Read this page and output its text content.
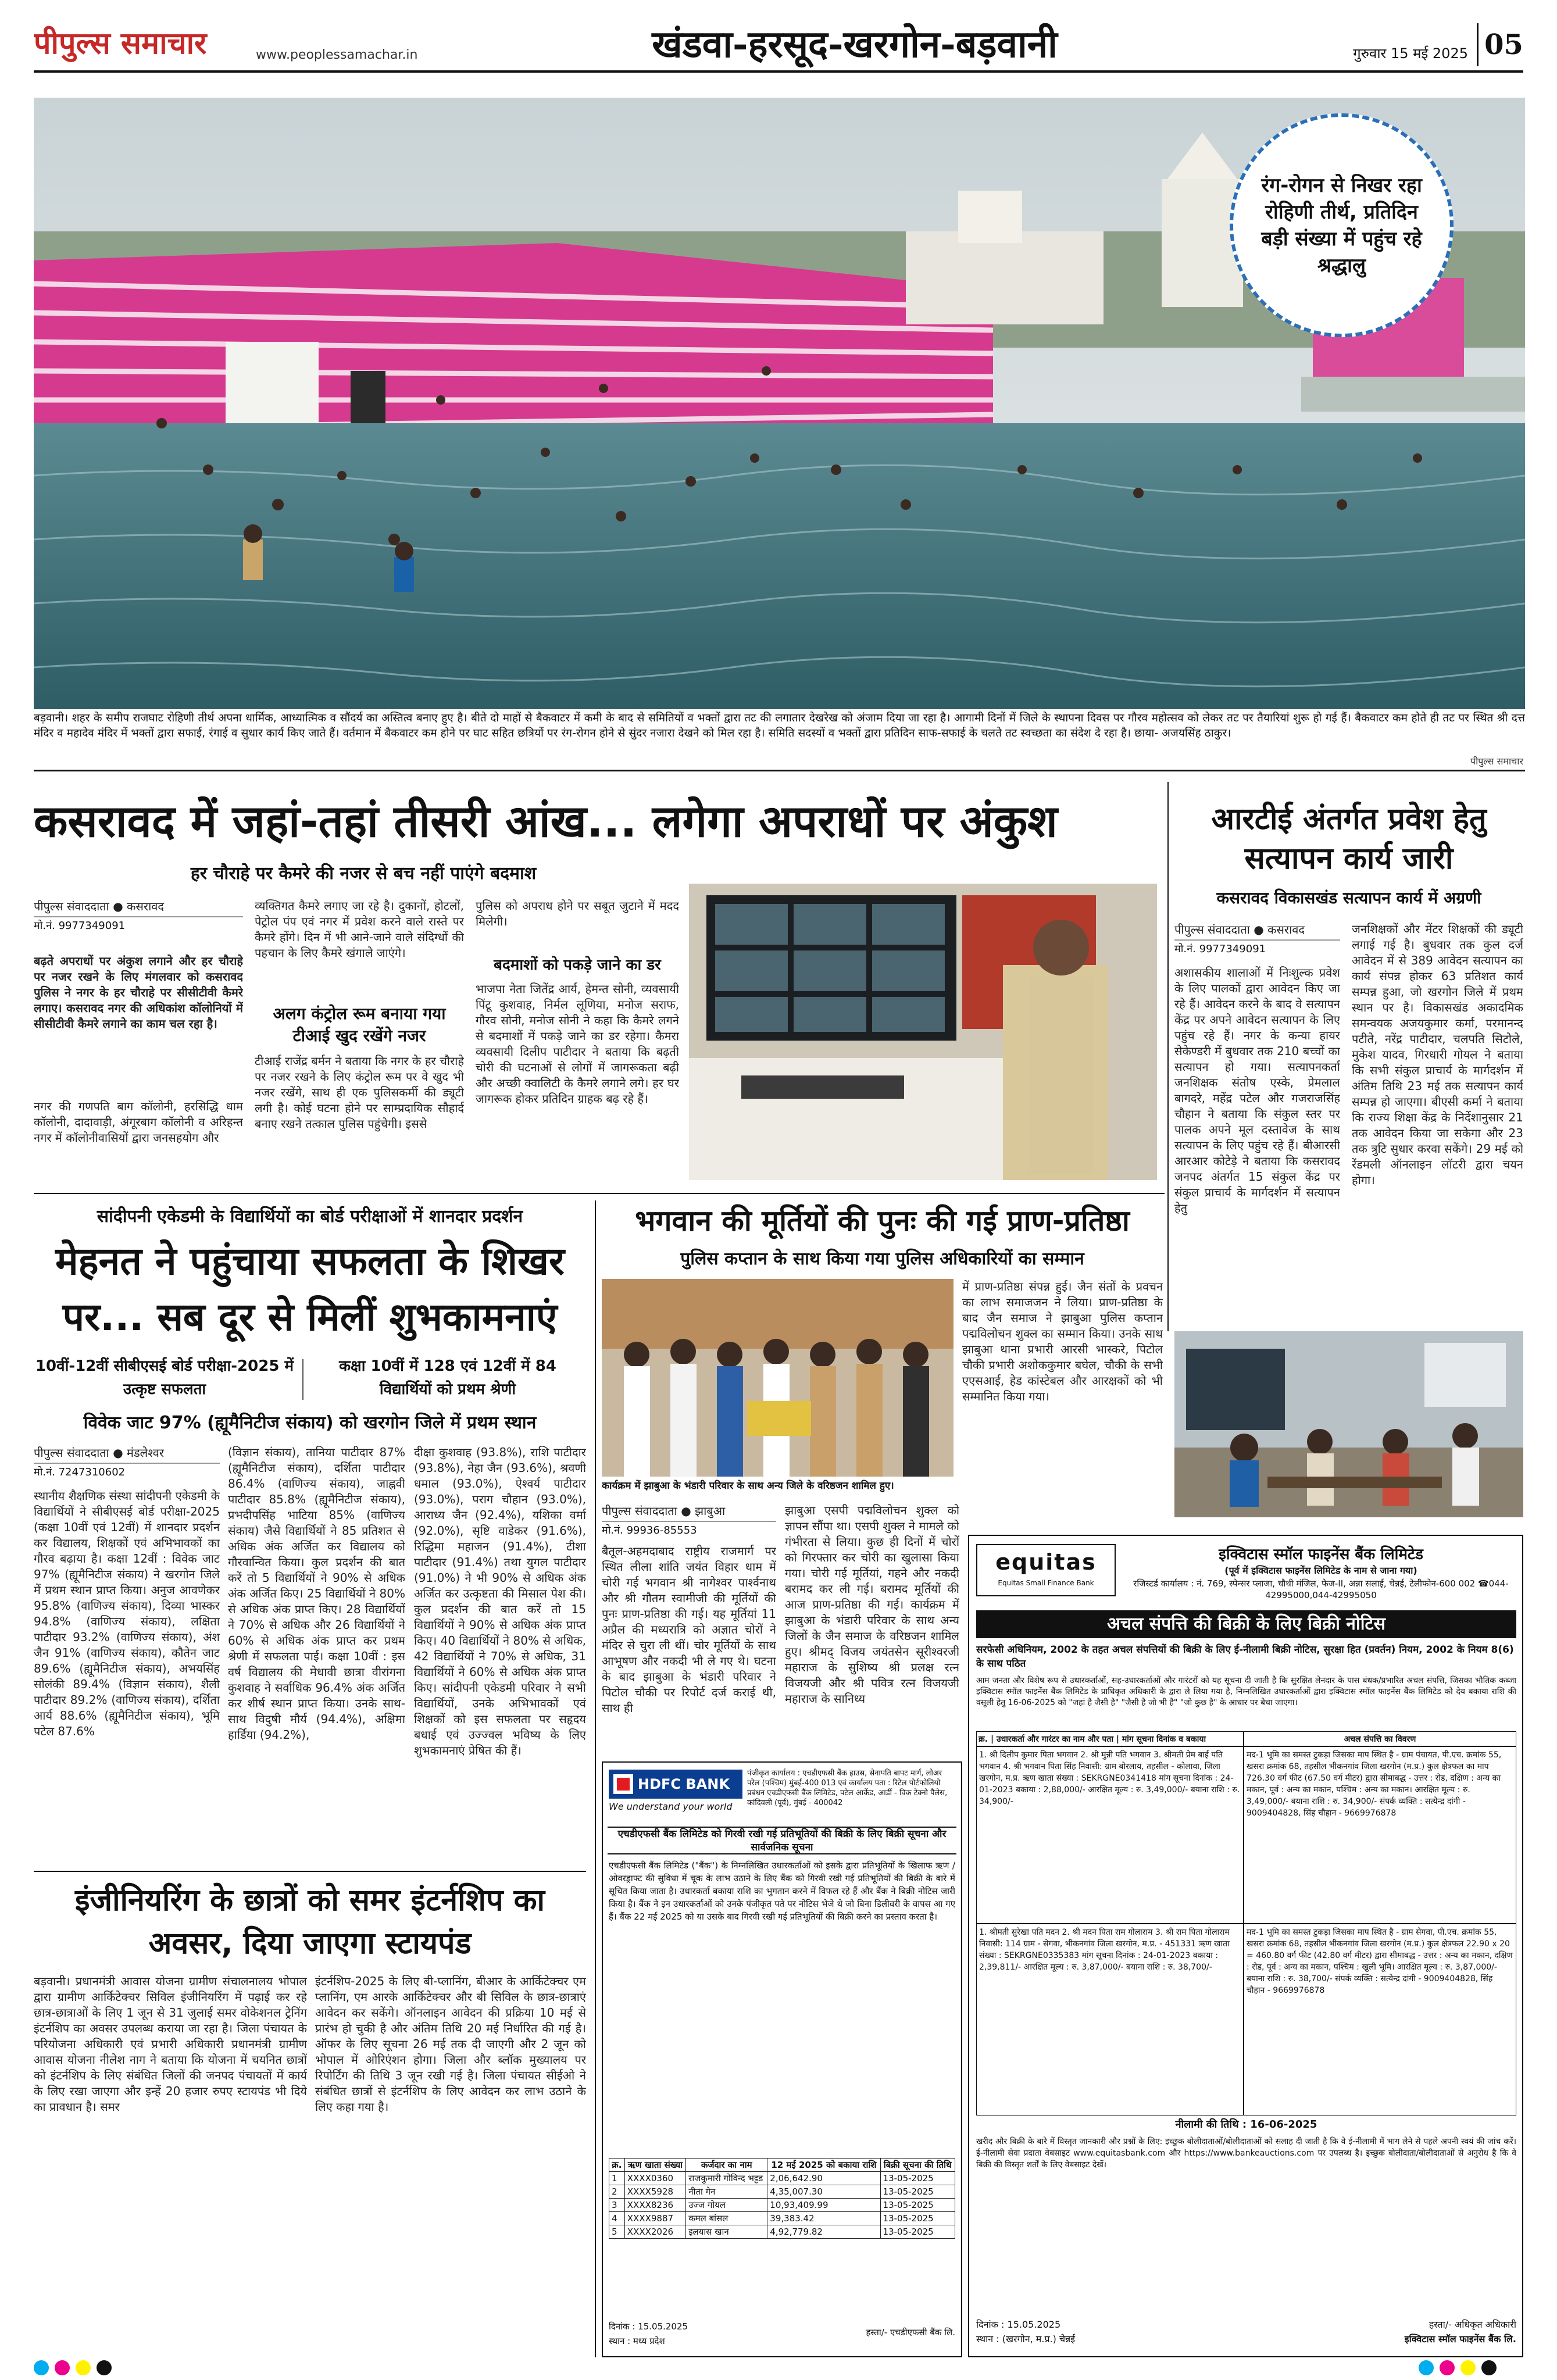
पीपुल्स समाचार	www.peoplessamachar.in	खंडवा-हरसूद-खरगोन-बड़वानी	गुरुवार 15 मई 2025 05
रंग-रोगन से निखर रहा रोहिणी तीर्थ, प्रतिदिन बड़ी संख्या में पहुंच रहे श्रद्धालु
बड़वानी। शहर के समीप राजघाट रोहिणी तीर्थ अपना धार्मिक, आध्यात्मिक व सौंदर्य का अस्तित्व बनाए हुए है। बीते दो माहों से बैकवाटर में कमी के बाद से समितियों व भक्तों द्वारा तट की लगातार देखरेख को अंजाम दिया जा रहा है। आगामी दिनों में जिले के स्थापना दिवस पर गौरव महोत्सव को लेकर तट पर तैयारियां शुरू हो गई हैं। बैकवाटर कम होते ही तट पर स्थित श्री दत्त मंदिर व महादेव मंदिर में भक्तों द्वारा सफाई, रंगाई व सुधार कार्य किए जाते हैं। वर्तमान में बैकवाटर कम होने पर घाट सहित छत्रियों पर रंग-रोगन होने से सुंदर नजारा देखने को मिल रहा है। समिति सदस्यों व भक्तों द्वारा प्रतिदिन साफ-सफाई के चलते तट स्वच्छता का संदेश दे रहा है। छाया- अजयसिंह ठाकुर।
पीपुल्स समाचार
कसरावद में जहां-तहां तीसरी आंख... लगेगा अपराधों पर अंकुश
हर चौराहे पर कैमरे की नजर से बच नहीं पाएंगे बदमाश
पीपुल्स संवाददाता ● कसरावद
मो.नं. 9977349091
बढ़ते अपराधों पर अंकुश लगाने और हर चौराहे पर नजर रखने के लिए मंगलवार को कसरावद पुलिस ने नगर के हर चौराहे पर सीसीटीवी कैमरे लगाए। कसरावद नगर की अधिकांश कॉलोनियों में सीसीटीवी कैमरे लगाने का काम चल रहा है।
नगर की गणपति बाग कॉलोनी, हरसिद्धि धाम कॉलोनी, दादावाड़ी, अंगूरबाग कॉलोनी व अरिहन्त नगर में कॉलोनीवासियों द्वारा जनसहयोग और
व्यक्तिगत कैमरे लगाए जा रहे है। दुकानों, होटलों, पेट्रोल पंप एवं नगर में प्रवेश करने वाले रास्ते पर कैमरे होंगे। दिन में भी आने-जाने वाले संदिग्धों की पहचान के लिए कैमरे खंगाले जाएंगे।
अलग कंट्रोल रूम बनाया गया टीआई खुद रखेंगे नजर
टीआई राजेंद्र बर्मन ने बताया कि नगर के हर चौराहे पर नजर रखने के लिए कंट्रोल रूम पर वे खुद भी नजर रखेंगे, साथ ही एक पुलिसकर्मी की ड्यूटी लगी है। कोई घटना होने पर साम्प्रदायिक सौहार्द बनाए रखने तत्काल पुलिस पहुंचेगी। इससे
पुलिस को अपराध होने पर सबूत जुटाने में मदद मिलेगी।
बदमाशों को पकड़े जाने का डर
भाजपा नेता जितेंद्र आर्य, हेमन्त सोनी, व्यवसायी पिंटू कुशवाह, निर्मल लूणिया, मनोज सराफ, गौरव सोनी, मनोज सोनी ने कहा कि कैमरे लगने से बदमाशों में पकड़े जाने का डर रहेगा। कैमरा व्यवसायी दिलीप पाटीदार ने बताया कि बढ़ती चोरी की घटनाओं से लोगों में जागरूकता बढ़ी और अच्छी क्वालिटी के कैमरे लगाने लगे। हर घर जागरूक होकर प्रतिदिन ग्राहक बढ़ रहे हैं।
आरटीई अंतर्गत प्रवेश हेतु सत्यापन कार्य जारी
कसरावद विकासखंड सत्यापन कार्य में अग्रणी
पीपुल्स संवाददाता ● कसरावद
मो.नं. 9977349091
अशासकीय शालाओं में निःशुल्क प्रवेश के लिए पालकों द्वारा आवेदन किए जा रहे हैं। आवेदन करने के बाद वे सत्यापन केंद्र पर अपने आवेदन सत्यापन के लिए पहुंच रहे हैं। नगर के कन्या हायर सेकेण्डरी में बुधवार तक 210 बच्चों का सत्यापन हो गया। सत्यापनकर्ता जनशिक्षक संतोष एस्के, प्रेमलाल बागदरे, महेंद्र पटेल और गजराजसिंह चौहान ने बताया कि संकुल स्तर पर पालक अपने मूल दस्तावेज के साथ सत्यापन के लिए पहुंच रहे हैं। बीआरसी आरआर कोटेड़े ने बताया कि कसरावद जनपद अंतर्गत 15 संकुल केंद्र पर संकुल प्राचार्य के मार्गदर्शन में सत्यापन हेतु
जनशिक्षकों और मेंटर शिक्षकों की ड्यूटी लगाई गई है। बुधवार तक कुल दर्ज आवेदन में से 389 आवेदन सत्यापन का कार्य संपन्न होकर 63 प्रतिशत कार्य सम्पन्न हुआ, जो खरगोन जिले में प्रथम स्थान पर है। विकासखंड अकादमिक समन्वयक अजयकुमार कर्मा, परमानन्द पटीते, नरेंद्र पाटीदार, चलपति सिटोले, मुकेश यादव, गिरधारी गोयल ने बताया कि सभी संकुल प्राचार्य के मार्गदर्शन में अंतिम तिथि 23 मई तक सत्यापन कार्य सम्पन्न हो जाएगा। बीएसी कर्मा ने बताया कि राज्य शिक्षा केंद्र के निर्देशानुसार 21 तक आवेदन किया जा सकेगा और 23 तक त्रुटि सुधार करवा सकेंगे। 29 मई को रेंडमली ऑनलाइन लॉटरी द्वारा चयन होगा।
सांदीपनी एकेडमी के विद्यार्थियों का बोर्ड परीक्षाओं में शानदार प्रदर्शन
मेहनत ने पहुंचाया सफलता के शिखर पर... सब दूर से मिलीं शुभकामनाएं
10वीं-12वीं सीबीएसई बोर्ड परीक्षा-2025 में उत्कृष्ट सफलता
कक्षा 10वीं में 128 एवं 12वीं में 84 विद्यार्थियों को प्रथम श्रेणी
विवेक जाट 97% (ह्यूमैनिटीज संकाय) को खरगोन जिले में प्रथम स्थान
पीपुल्स संवाददाता ● मंडलेश्वर
मो.नं. 7247310602
स्थानीय शैक्षणिक संस्था सांदीपनी एकेडमी के विद्यार्थियों ने सीबीएसई बोर्ड परीक्षा-2025 (कक्षा 10वीं एवं 12वीं) में शानदार प्रदर्शन कर विद्यालय, शिक्षकों एवं अभिभावकों का गौरव बढ़ाया है। कक्षा 12वीं : विवेक जाट 97% (ह्यूमैनिटीज संकाय) ने खरगोन जिले में प्रथम स्थान प्राप्त किया। अनुज आवणेकर 95.8% (वाणिज्य संकाय), दिव्या भास्कर 94.8% (वाणिज्य संकाय), लक्षिता पाटीदार 93.2% (वाणिज्य संकाय), अंश जैन 91% (वाणिज्य संकाय), कौतेन जाट 89.6% (ह्यूमैनिटीज संकाय), अभयसिंह सोलंकी 89.4% (विज्ञान संकाय), शैली पाटीदार 89.2% (वाणिज्य संकाय), दर्शिता आर्य 88.6% (ह्यूमैनिटीज संकाय), भूमि पटेल 87.6%
(विज्ञान संकाय), तानिया पाटीदार 87% (ह्यूमैनिटीज संकाय), दर्शिता पाटीदार 86.4% (वाणिज्य संकाय), जाह्नवी पाटीदार 85.8% (ह्यूमैनिटीज संकाय), प्रभदीपसिंह भाटिया 85% (वाणिज्य संकाय) जैसे विद्यार्थियों ने 85 प्रतिशत से अधिक अंक अर्जित कर विद्यालय को गौरवान्वित किया। कुल प्रदर्शन की बात करें तो 5 विद्यार्थियों ने 90% से अधिक अंक अर्जित किए। 25 विद्यार्थियों ने 80% से अधिक अंक प्राप्त किए। 28 विद्यार्थियों ने 70% से अधिक और 26 विद्यार्थियों ने 60% से अधिक अंक प्राप्त कर प्रथम श्रेणी में सफलता पाई। कक्षा 10वीं : इस वर्ष विद्यालय की मेधावी छात्रा वीरांगना कुशवाह ने सर्वाधिक 96.4% अंक अर्जित कर शीर्ष स्थान प्राप्त किया। उनके साथ-साथ विदुषी मौर्य (94.4%), अक्षिमा हार्डिया (94.2%),
दीक्षा कुशवाह (93.8%), राशि पाटीदार (93.8%), नेहा जैन (93.6%), श्रवणी धमाल (93.0%), ऐश्वर्य पाटीदार (93.0%), पराग चौहान (93.0%), आराध्य जैन (92.4%), यशिका वर्मा (92.0%), सृष्टि वाडेकर (91.6%), रिद्धिमा महाजन (91.4%), टीशा पाटीदार (91.4%) तथा युगल पाटीदार (91.0%) ने भी 90% से अधिक अंक अर्जित कर उत्कृष्टता की मिसाल पेश की। कुल प्रदर्शन की बात करें तो 15 विद्यार्थियों ने 90% से अधिक अंक प्राप्त किए। 40 विद्यार्थियों ने 80% से अधिक, 42 विद्यार्थियों ने 70% से अधिक, 31 विद्यार्थियों ने 60% से अधिक अंक प्राप्त किए। सांदीपनी एकेडमी परिवार ने सभी विद्यार्थियों, उनके अभिभावकों एवं शिक्षकों को इस सफलता पर सहृदय बधाई एवं उज्ज्वल भविष्य के लिए शुभकामनाएं प्रेषित की हैं।
इंजीनियरिंग के छात्रों को समर इंटर्नशिप का अवसर, दिया जाएगा स्टायपंड
बड़वानी। प्रधानमंत्री आवास योजना ग्रामीण संचालनालय भोपाल द्वारा ग्रामीण आर्किटेक्चर सिविल इंजीनियरिंग में पढ़ाई कर रहे छात्र-छात्राओं के लिए 1 जून से 31 जुलाई समर वोकेशनल ट्रेनिंग इंटर्नशिप का अवसर उपलब्ध कराया जा रहा है। जिला पंचायत के परियोजना अधिकारी एवं प्रभारी अधिकारी प्रधानमंत्री ग्रामीण आवास योजना नीलेश नाग ने बताया कि योजना में चयनित छात्रों को इंटर्नशिप के लिए संबंधित जिलों की जनपद पंचायतों में कार्य के लिए रखा जाएगा और इन्हें 20 हजार रुपए स्टायपंड भी दिये का प्रावधान है। समर
इंटर्नशिप-2025 के लिए बी-प्लानिंग, बीआर के आर्किटेक्चर एम प्लानिंग, एम आरके आर्किटेक्चर और बी सिविल के छात्र-छात्राएं आवेदन कर सकेंगे। ऑनलाइन आवेदन की प्रक्रिया 10 मई से प्रारंभ हो चुकी है और अंतिम तिथि 20 मई निर्धारित की गई है। ऑफर के लिए सूचना 26 मई तक दी जाएगी और 2 जून को भोपाल में ओरिएंशन होगा। जिला और ब्लॉक मुख्यालय पर रिपोर्टिंग की तिथि 3 जून रखी गई है। जिला पंचायत सीईओ ने संबंधित छात्रों से इंटर्नशिप के लिए आवेदन कर लाभ उठाने के लिए कहा गया है।
भगवान की मूर्तियों की पुनः की गई प्राण-प्रतिष्ठा
पुलिस कप्तान के साथ किया गया पुलिस अधिकारियों का सम्मान
कार्यक्रम में झाबुआ के भंडारी परिवार के साथ अन्य जिले के वरिष्ठजन शामिल हुए।
में प्राण-प्रतिष्ठा संपन्न हुई। जैन संतों के प्रवचन का लाभ समाजजन ने लिया। प्राण-प्रतिष्ठा के बाद जैन समाज ने झाबुआ पुलिस कप्तान पद्मविलोचन शुक्ल का सम्मान किया। उनके साथ झाबुआ थाना प्रभारी आरसी भास्करे, पिटोल चौकी प्रभारी अशोककुमार बघेल, चौकी के सभी एएसआई, हेड कांस्टेबल और आरक्षकों को भी सम्मानित किया गया।
पीपुल्स संवाददाता ● झाबुआ
मो.नं. 99936-85553
बैतूल-अहमदाबाद राष्ट्रीय राजमार्ग पर स्थित लीला शांति जयंत विहार धाम में चोरी गई भगवान श्री नागेश्वर पार्श्वनाथ और श्री गौतम स्वामीजी की मूर्तियों की पुनः प्राण-प्रतिष्ठा की गई। यह मूर्तियां 11 अप्रैल की मध्यरात्रि को अज्ञात चोरों ने मंदिर से चुरा ली थीं। चोर मूर्तियों के साथ आभूषण और नकदी भी ले गए थे। घटना के बाद झाबुआ के भंडारी परिवार ने पिटोल चौकी पर रिपोर्ट दर्ज कराई थी, साथ ही
झाबुआ एसपी पद्मविलोचन शुक्ल को ज्ञापन सौंपा था। एसपी शुक्ल ने मामले को गंभीरता से लिया। कुछ ही दिनों में चोरों को गिरफ्तार कर चोरी का खुलासा किया गया। चोरी गई मूर्तियां, गहने और नकदी बरामद कर ली गई। बरामद मूर्तियों की आज प्राण-प्रतिष्ठा की गई। कार्यक्रम में झाबुआ के भंडारी परिवार के साथ अन्य जिलों के जैन समाज के वरिष्ठजन शामिल हुए। श्रीमद् विजय जयंतसेन सूरीश्वरजी महाराज के सुशिष्य श्री प्रलक्ष रत्न विजयजी और श्री पवित्र रत्न विजयजी महाराज के सानिध्य
HDFC BANK
We understand your world
पंजीकृत कार्यालय : एचडीएफसी बैंक हाउस, सेनापति बापट मार्ग, लोअर परेल (पश्चिम) मुंबई-400 013 एवं कार्यालय पता : रिटेल पोर्टफोलियो प्रबंधन एचडीएफसी बैंक लिमिटेड, पटेल आर्केड, आर्डी - विक टेक्नो पैलेस, कांदिवली (पूर्व), मुंबई - 400042
एचडीएफसी बैंक लिमिटेड को गिरवी रखी गई प्रतिभूतियों की बिक्री के लिए बिक्री सूचना और सार्वजनिक सूचना
एचडीएफसी बैंक लिमिटेड ("बैंक") के निम्नलिखित उधारकर्ताओं को इसके द्वारा प्रतिभूतियों के खिलाफ ऋण / ओवरड्राफ्ट की सुविधा में चूक के लाभ उठाने के लिए बैंक को गिरवी रखी गई प्रतिभूतियों की बिक्री के बारे में सूचित किया जाता है। उधारकर्ता बकाया राशि का भुगतान करने में विफल रहे हैं और बैंक ने बिक्री नोटिस जारी किया है। बैंक ने इन उधारकर्ताओं को उनके पंजीकृत पते पर नोटिस भेजे थे जो बिना डिलीवरी के वापस आ गए हैं। बैंक 22 मई 2025 को या उसके बाद गिरवी रखी गई प्रतिभूतियों की बिक्री करने का प्रस्ताव करता है।
क्र.	ऋण खाता संख्या	कर्जदार का नाम	12 मई 2025 को बकाया राशि	बिक्री सूचना की तिथि
1	XXXX0360	राजकुमारी गोविन्द भट्टड	2,06,642.90	13-05-2025
2	XXXX5928	नीता गेन	4,35,007.30	13-05-2025
3	XXXX8236	उज्ज गोयल	10,93,409.99	13-05-2025
4	XXXX9887	कमल बांसल	39,383.42	13-05-2025
5	XXXX2026	इलयास खान	4,92,779.82	13-05-2025
दिनांक : 15.05.2025
स्थान : मध्य प्रदेश
हस्ता/- एचडीएफसी बैंक लि.
equitas
Equitas Small Finance Bank
इक्विटास स्मॉल फाइनेंस बैंक लिमिटेड
(पूर्व में इक्विटास फाइनेंस लिमिटेड के नाम से जाना गया)
रजिस्टर्ड कार्यालय : नं. 769, स्पेन्सर प्लाजा, चौथी मंजिल, फेज-II, अन्ना सलाई, चेन्नई, टेलीफोन-600 002 ☎044-42995000,044-42995050
अचल संपत्ति की बिक्री के लिए बिक्री नोटिस
सरफेसी अधिनियम, 2002 के तहत अचल संपत्तियों की बिक्री के लिए ई-नीलामी बिक्री नोटिस, सुरक्षा हित (प्रवर्तन) नियम, 2002 के नियम 8(6) के साथ पठित
आम जनता और विशेष रूप से उधारकर्ताओं, सह-उधारकर्ताओं और गारंटरों को यह सूचना दी जाती है कि सुरक्षित लेनदार के पास बंधक/प्रभारित अचल संपत्ति, जिसका भौतिक कब्जा इक्विटास स्मॉल फाइनेंस बैंक लिमिटेड के प्राधिकृत अधिकारी के द्वारा ले लिया गया है, निम्नलिखित उधारकर्ताओं द्वारा इक्विटास स्मॉल फाइनेंस बैंक लिमिटेड को देय बकाया राशि की वसूली हेतु 16-06-2025 को "जहां है जैसी है" "जैसी है जो भी है" "जो कुछ है" के आधार पर बेचा जाएगा।
क्र. | उधारकर्ता और गारंटर का नाम और पता | मांग सूचना दिनांक व बकाया	अचल संपत्ति का विवरण
1. श्री दिलीप कुमार पिता भगवान 2. श्री मुन्नी पति भगवान 3. श्रीमती प्रेम बाई पति भगवान 4. श्री भगवान पिता सिंह निवासी: ग्राम बोरलाय, तहसील - कोलावा, जिला खरगोन, म.प्र. ऋण खाता संख्या : SEKRGNE0341418 मांग सूचना दिनांक : 24-01-2023 बकाया : 2,88,000/- आरक्षित मूल्य : रु. 3,49,000/- बयाना राशि : रु. 34,900/-
मद-1 भूमि का समस्त टुकड़ा जिसका माप स्थित है - ग्राम पंचायत, पी.एच. क्रमांक 55, खसरा क्रमांक 68, तहसील भीकनगांव जिला खरगोन (म.प्र.) कुल क्षेत्रफल का माप 726.30 वर्ग फीट (67.50 वर्ग मीटर) द्वारा सीमाबद्ध - उत्तर : रोड, दक्षिण : अन्य का मकान, पूर्व : अन्य का मकान, पश्चिम : अन्य का मकान। आरक्षित मूल्य : रु. 3,49,000/- बयाना राशि : रु. 34,900/- संपर्क व्यक्ति : सत्येन्द्र दांगी - 9009404828, सिंह चौहान - 9669976878
1. श्रीमती सुरेखा पति मदन 2. श्री मदन पिता राम गोलाराम 3. श्री राम पिता गोलाराम निवासी: 114 ग्राम - सेगवा, भीकनगांव जिला खरगोन, म.प्र. - 451331 ऋण खाता संख्या : SEKRGNE0335383 मांग सूचना दिनांक : 24-01-2023 बकाया : 2,39,811/- आरक्षित मूल्य : रु. 3,87,000/- बयाना राशि : रु. 38,700/-
मद-1 भूमि का समस्त टुकड़ा जिसका माप स्थित है - ग्राम सेगवा, पी.एच. क्रमांक 55, खसरा क्रमांक 68, तहसील भीकनगांव जिला खरगोन (म.प्र.) कुल क्षेत्रफल 22.90 x 20 = 460.80 वर्ग फीट (42.80 वर्ग मीटर) द्वारा सीमाबद्ध - उत्तर : अन्य का मकान, दक्षिण : रोड, पूर्व : अन्य का मकान, पश्चिम : खुली भूमि। आरक्षित मूल्य : रु. 3,87,000/- बयाना राशि : रु. 38,700/- संपर्क व्यक्ति : सत्येन्द्र दांगी - 9009404828, सिंह चौहान - 9669976878
नीलामी की तिथि : 16-06-2025
खरीद और बिक्री के बारे में विस्तृत जानकारी और प्रश्नों के लिए: इच्छुक बोलीदाताओं/बोलीदाताओं को सलाह दी जाती है कि वे ई-नीलामी में भाग लेने से पहले अपनी स्वयं की जांच करें। ई-नीलामी सेवा प्रदाता वेबसाइट www.equitasbank.com और https://www.bankeauctions.com पर उपलब्ध है। इच्छुक बोलीदाता/बोलीदाताओं से अनुरोध है कि वे बिक्री की विस्तृत शर्तों के लिए वेबसाइट देखें।
दिनांक : 15.05.2025
स्थान : (खरगोन, म.प्र.) चेन्नई
हस्ता/- अधिकृत अधिकारी
इक्विटास स्मॉल फाइनेंस बैंक लि.
